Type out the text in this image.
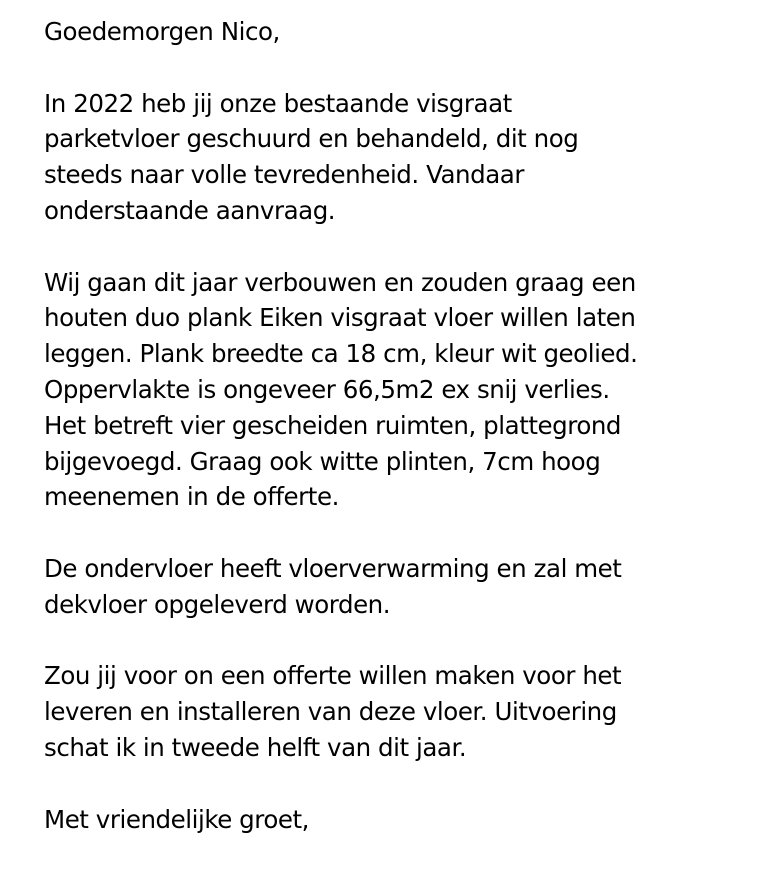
Goedemorgen Nico,

In 2022 heb jij onze bestaande visgraat
parketvloer geschuurd en behandeld, dit nog
steeds naar volle tevredenheid. Vandaar
onderstaande aanvraag.

Wij gaan dit jaar verbouwen en zouden graag een
houten duo plank Eiken visgraat vloer willen laten
leggen. Plank breedte ca 18 cm, kleur wit geolied.
Oppervlakte is ongeveer 66,5m2 ex snij verlies.
Het betreft vier gescheiden ruimten, plattegrond
bijgevoegd. Graag ook witte plinten, 7cm hoog
meenemen in de offerte.

De ondervloer heeft vloerverwarming en zal met
dekvloer opgeleverd worden.

Zou jij voor on een offerte willen maken voor het
leveren en installeren van deze vloer. Uitvoering
schat ik in tweede helft van dit jaar.

Met vriendelijke groet,
